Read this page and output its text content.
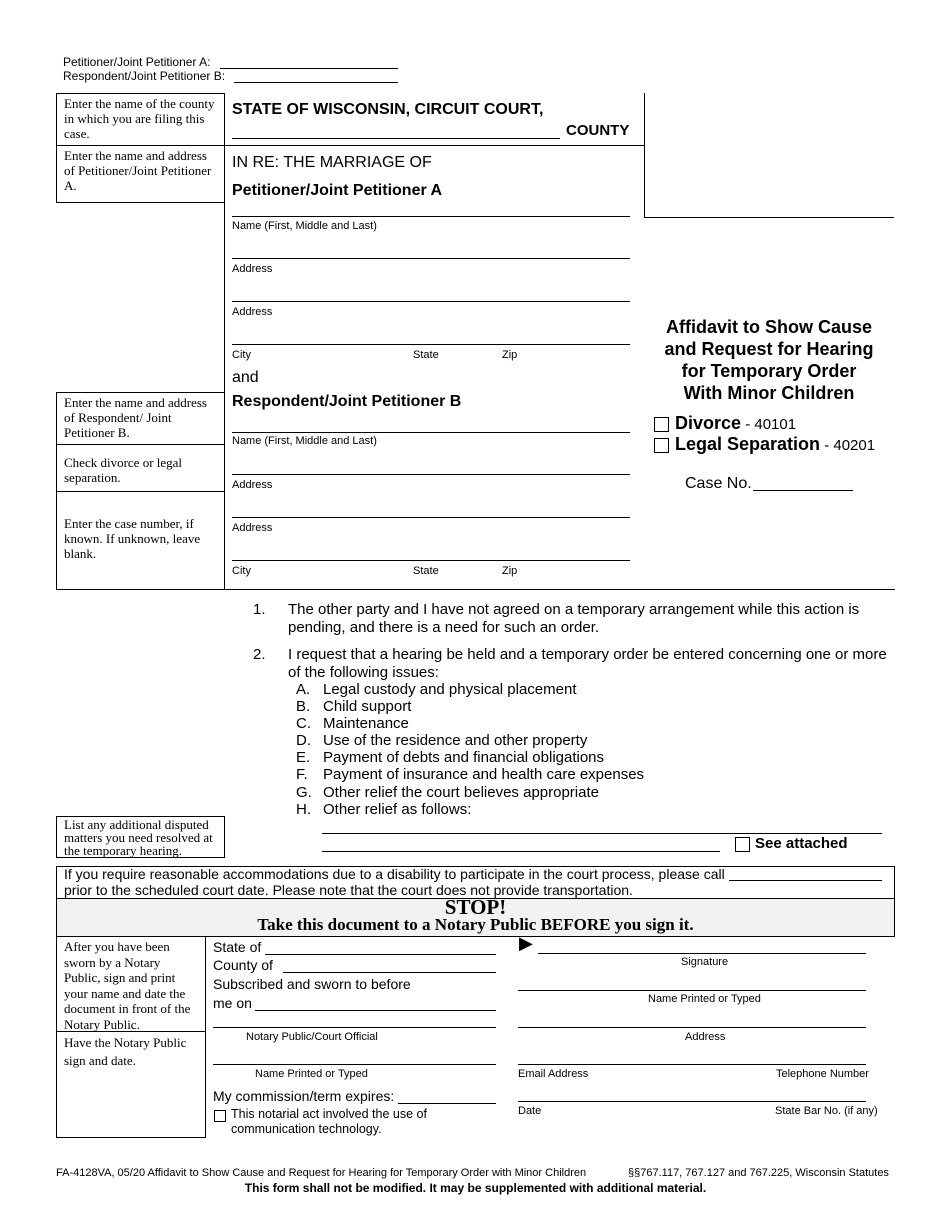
Petitioner/Joint Petitioner A:
Respondent/Joint Petitioner B:
Enter the name of the county in which you are filing this case.
Enter the name and address of Petitioner/Joint Petitioner A.
Enter the name and address of Respondent/ Joint Petitioner B.
Check divorce or legal separation.
Enter the case number, if known. If unknown, leave blank.
STATE OF WISCONSIN, CIRCUIT COURT,
COUNTY
IN RE: THE MARRIAGE OF
Petitioner/Joint Petitioner A
Name (First, Middle and Last)
Address
Address
City	State	Zip
and
Respondent/Joint Petitioner B
Name (First, Middle and Last)
Address
Address
City	State	Zip
Affidavit to Show Cause
and Request for Hearing
for Temporary Order
With Minor Children
Divorce - 40101
Legal Separation - 40201
Case No.
1. The other party and I have not agreed on a temporary arrangement while this action is pending, and there is a need for such an order.
2. I request that a hearing be held and a temporary order be entered concerning one or more of the following issues:
A. Legal custody and physical placement
B. Child support
C. Maintenance
D. Use of the residence and other property
E. Payment of debts and financial obligations
F.	Payment of insurance and health care expenses
G. Other relief the court believes appropriate
H. Other relief as follows:
List any additional disputed matters you need resolved at the temporary hearing.	See attached
If you require reasonable accommodations due to a disability to participate in the court process, please call
prior to the scheduled court date. Please note that the court does not provide transportation.
STOP!
Take this document to a Notary Public BEFORE you sign it.
After you have been sworn by a Notary Public, sign and print your name and date the document in front of the Notary Public.
Have the Notary Public sign and date.
State of
County of
Subscribed and sworn to before
me on
Notary Public/Court Official
Name Printed or Typed
My commission/term expires:
This notarial act involved the use of communication technology.
▶
Signature
Name Printed or Typed
Address
Email Address	Telephone Number
Date	State Bar No. (if any)
FA-4128VA, 05/20 Affidavit to Show Cause and Request for Hearing for Temporary Order with Minor Children	§§767.117, 767.127 and 767.225, Wisconsin Statutes
This form shall not be modified. It may be supplemented with additional material.
